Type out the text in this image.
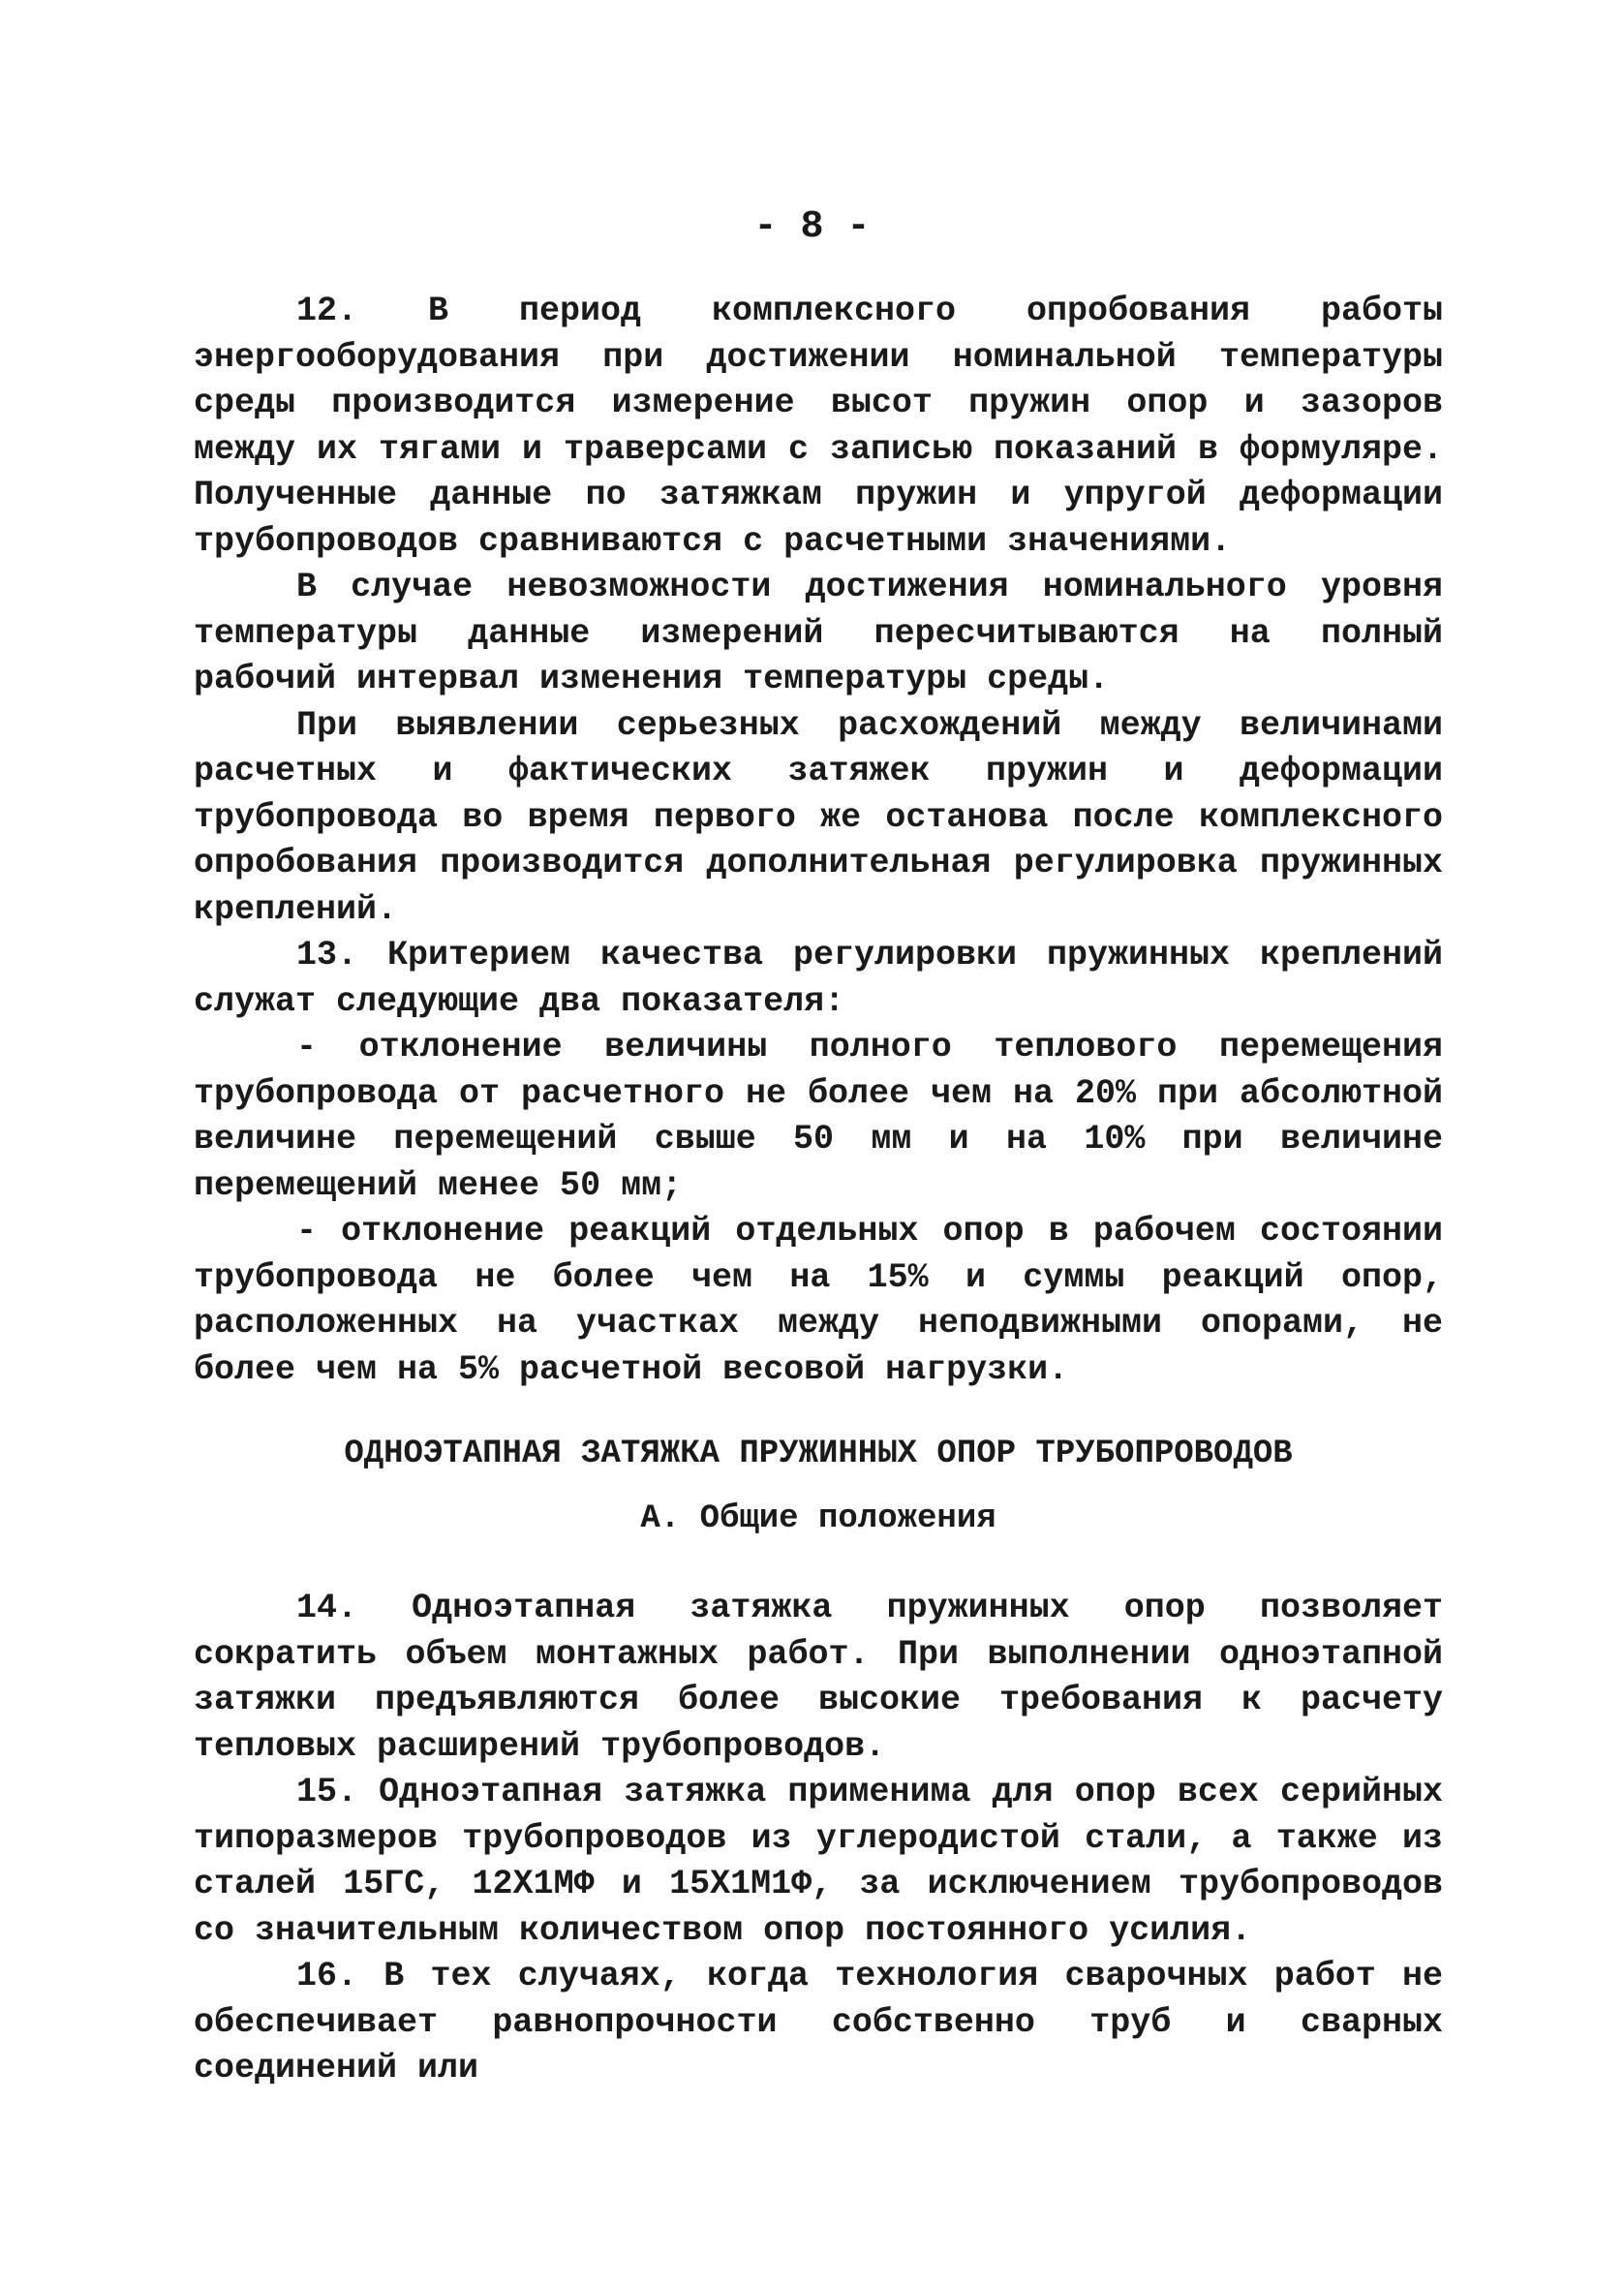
- 8 -

12. В период комплексного опробования работы энергооборудования при достижении номинальной температуры среды производится измерение высот пружин опор и зазоров между их тягами и траверсами с записью показаний в формуляре. Полученные данные по затяжкам пружин и упругой деформации трубопроводов сравниваются с расчетными значениями.

В случае невозможности достижения номинального уровня температуры данные измерений пересчитываются на полный рабочий интервал изменения температуры среды.

При выявлении серьезных расхождений между величинами расчетных и фактических затяжек пружин и деформации трубопровода во время первого же останова после комплексного опробования производится дополнительная регулировка пружинных креплений.

13. Критерием качества регулировки пружинных креплений служат следующие два показателя:

- отклонение величины полного теплового перемещения трубопровода от расчетного не более чем на 20% при абсолютной величине перемещений свыше 50 мм и на 10% при величине перемещений менее 50 мм;

- отклонение реакций отдельных опор в рабочем состоянии трубопровода не более чем на 15% и суммы реакций опор, расположенных на участках между неподвижными опорами, не более чем на 5% расчетной весовой нагрузки.

ОДНОЭТАПНАЯ ЗАТЯЖКА ПРУЖИННЫХ ОПОР ТРУБОПРОВОДОВ
А. Общие положения

14. Одноэтапная затяжка пружинных опор позволяет сократить объем монтажных работ. При выполнении одноэтапной затяжки предъявляются более высокие требования к расчету тепловых расширений трубопроводов.

15. Одноэтапная затяжка применима для опор всех серийных типоразмеров трубопроводов из углеродистой стали, а также из сталей 15ГС, 12Х1МФ и 15Х1М1Ф, за исключением трубопроводов со значительным количеством опор постоянного усилия.

16. В тех случаях, когда технология сварочных работ не обеспечивает равнопрочности собственно труб и сварных соединений или
